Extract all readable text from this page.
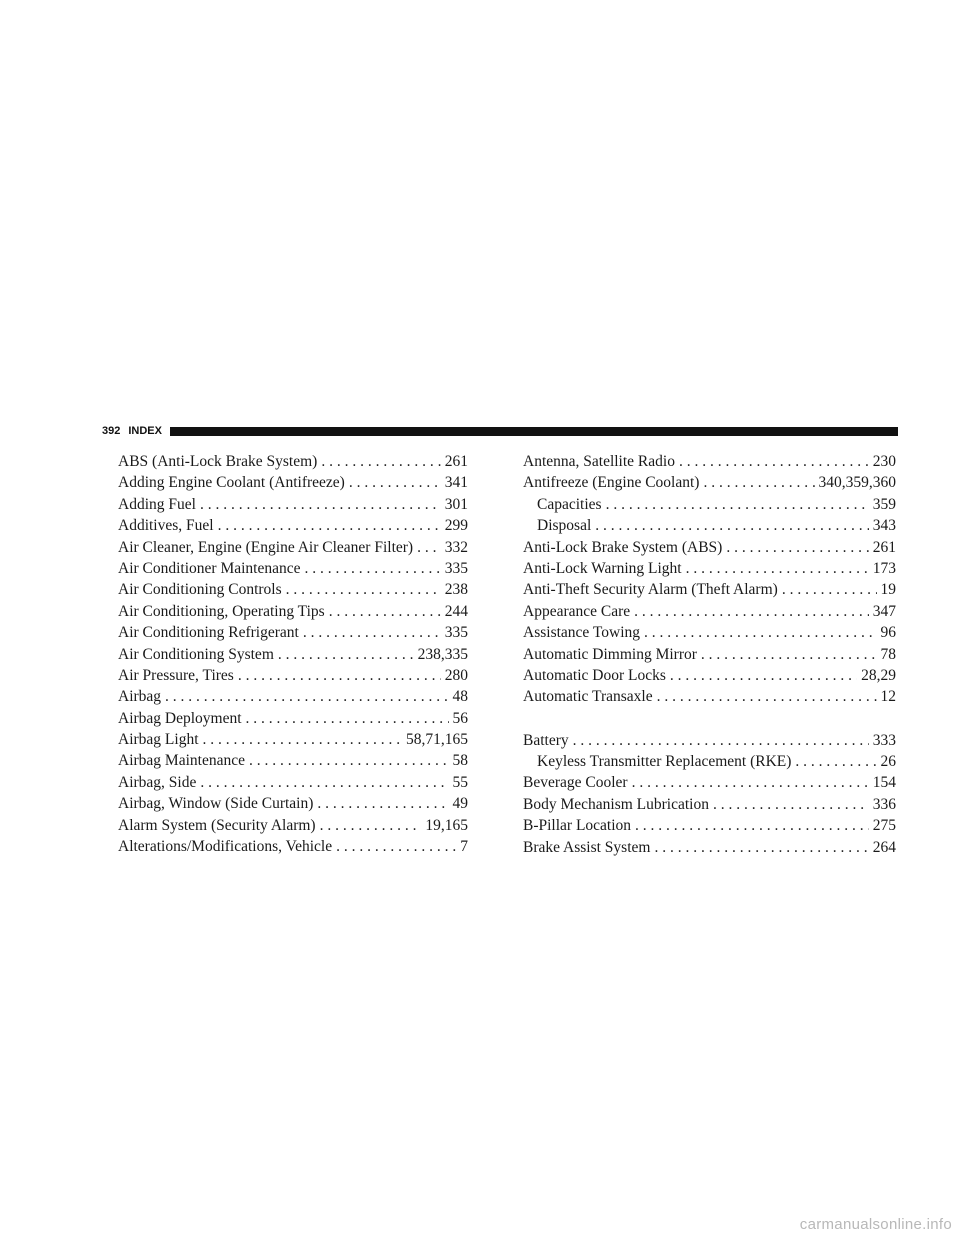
392 INDEX
ABS (Anti-Lock Brake System) . . .	261
Adding Engine Coolant (Antifreeze) . . .	341
Adding Fuel . . .	301
Additives, Fuel . . .	299
Air Cleaner, Engine (Engine Air Cleaner Filter) . . . 332
Air Conditioner Maintenance . . .	335
Air Conditioning Controls . . .	238
Air Conditioning, Operating Tips . . .	244
Air Conditioning Refrigerant . . .	335
Air Conditioning System . . .	238,335
Air Pressure, Tires . . .	280
Airbag . . .	48
Airbag Deployment . . .	56
Airbag Light . . .	58,71,165
Airbag Maintenance . . .	58
Airbag, Side . . .	55
Airbag, Window (Side Curtain) . . .	49
Alarm System (Security Alarm) . . .	19,165
Alterations/Modifications, Vehicle . . .	7
Antenna, Satellite Radio . . .	230
Antifreeze (Engine Coolant) . . .	340,359,360
Capacities . . .	359
Disposal . . .	343
Anti-Lock Brake System (ABS) . . .	261
Anti-Lock Warning Light . . .	173
Anti-Theft Security Alarm (Theft Alarm) . . .	19
Appearance Care . . .	347
Assistance Towing . . .	96
Automatic Dimming Mirror . . .	78
Automatic Door Locks . . .	28,29
Automatic Transaxle . . .	12
Battery . . .	333
Keyless Transmitter Replacement (RKE) . . .	26
Beverage Cooler . . .	154
Body Mechanism Lubrication . . .	336
B-Pillar Location . . .	275
Brake Assist System . . .	264
carmanualsonline.info
